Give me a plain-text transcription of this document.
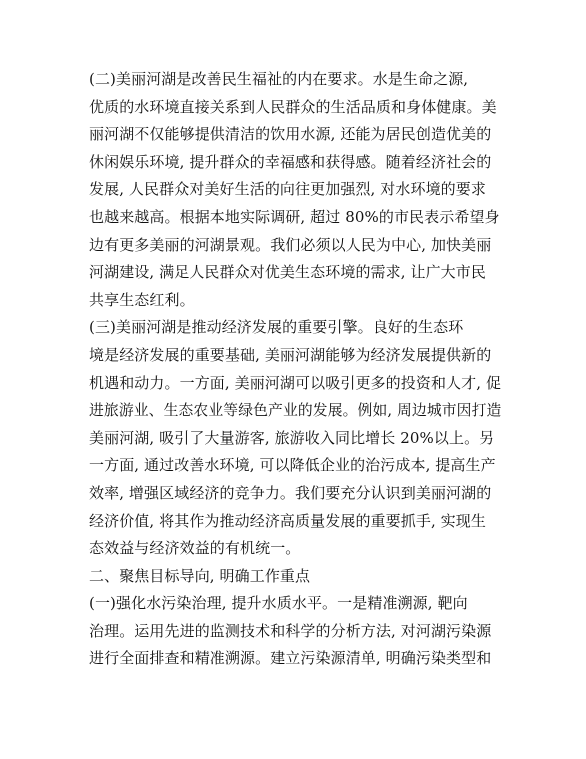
(二)美丽河湖是改善民生福祉的内在要求。水是生命之源,
优质的水环境直接关系到人民群众的生活品质和身体健康。美
丽河湖不仅能够提供清洁的饮用水源, 还能为居民创造优美的
休闲娱乐环境, 提升群众的幸福感和获得感。随着经济社会的
发展, 人民群众对美好生活的向往更加强烈, 对水环境的要求
也越来越高。根据本地实际调研, 超过 80%的市民表示希望身
边有更多美丽的河湖景观。我们必须以人民为中心, 加快美丽
河湖建设, 满足人民群众对优美生态环境的需求, 让广大市民
共享生态红利。
(三)美丽河湖是推动经济发展的重要引擎。良好的生态环
境是经济发展的重要基础, 美丽河湖能够为经济发展提供新的
机遇和动力。一方面, 美丽河湖可以吸引更多的投资和人才, 促
进旅游业、生态农业等绿色产业的发展。例如, 周边城市因打造
美丽河湖, 吸引了大量游客, 旅游收入同比增长 20%以上。另
一方面, 通过改善水环境, 可以降低企业的治污成本, 提高生产
效率, 增强区域经济的竞争力。我们要充分认识到美丽河湖的
经济价值, 将其作为推动经济高质量发展的重要抓手, 实现生
态效益与经济效益的有机统一。
二、聚焦目标导向, 明确工作重点
(一)强化水污染治理, 提升水质水平。一是精准溯源, 靶向
治理。运用先进的监测技术和科学的分析方法, 对河湖污染源
进行全面排查和精准溯源。建立污染源清单, 明确污染类型和
